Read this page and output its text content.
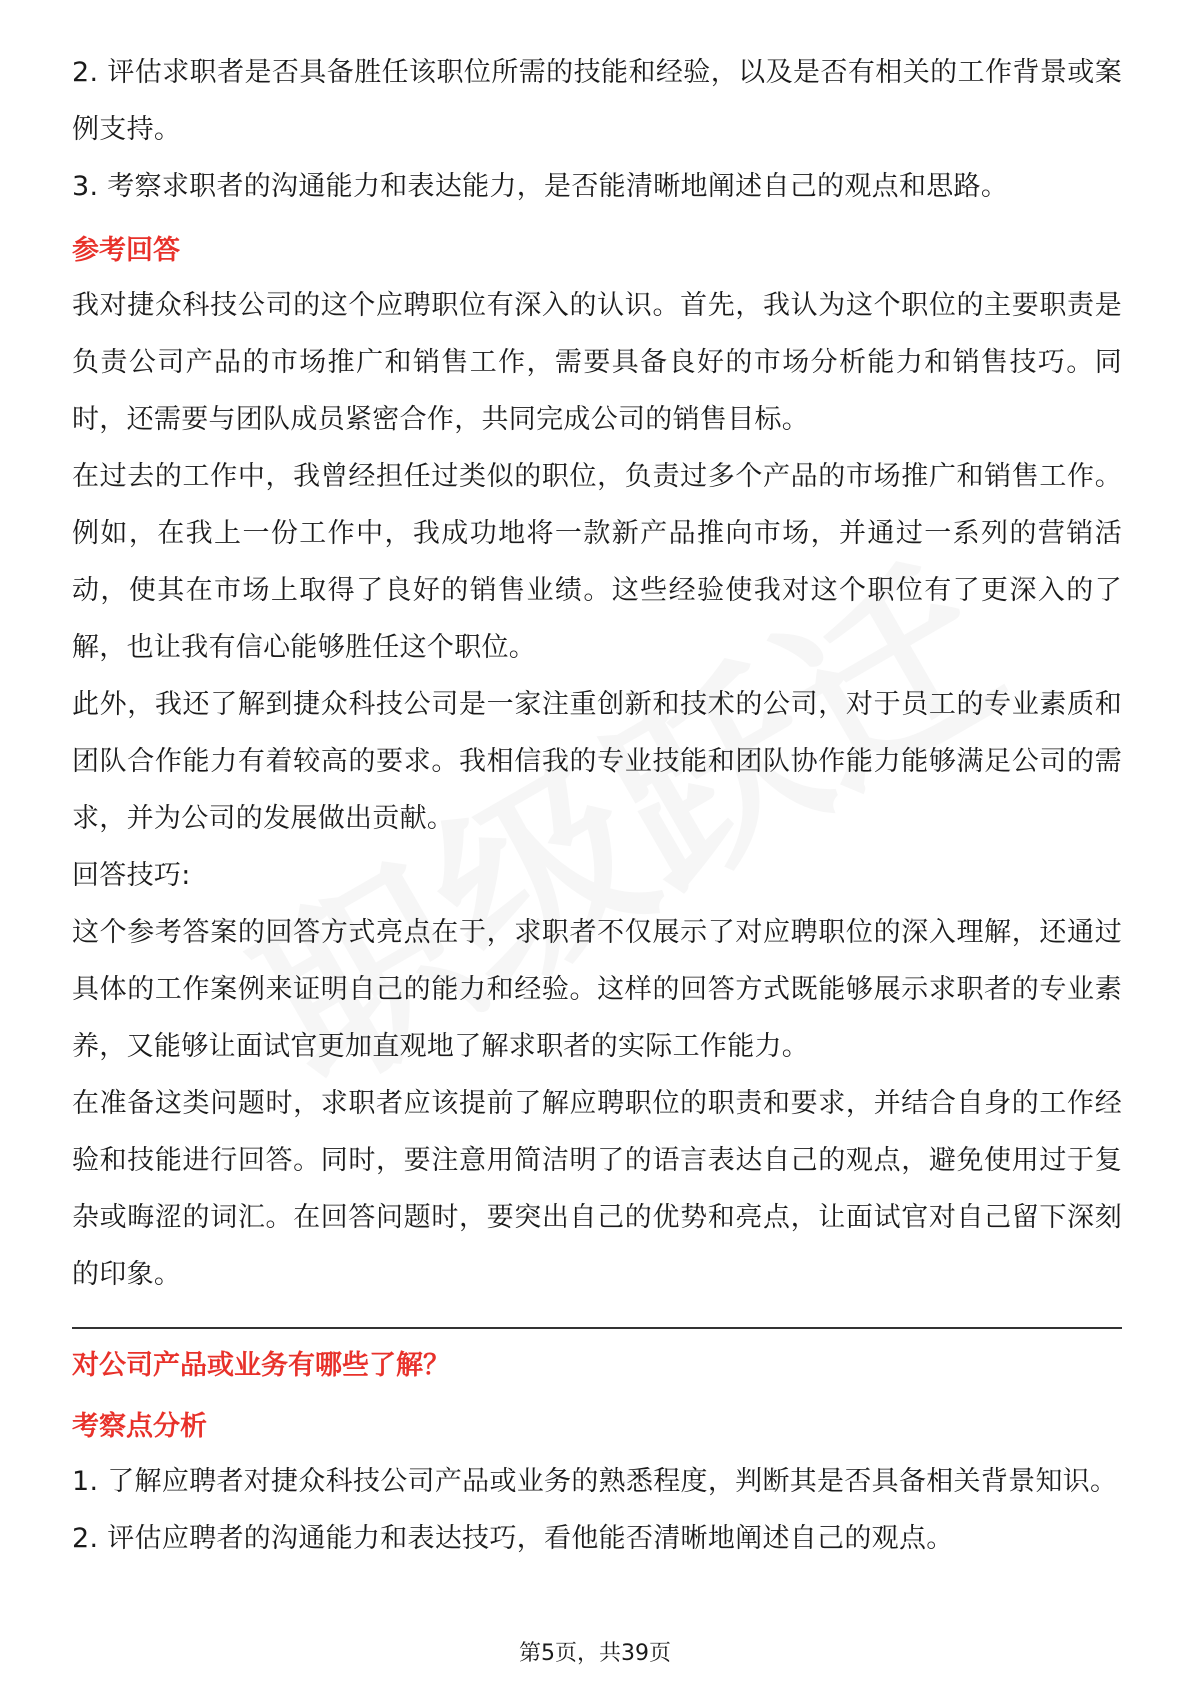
2. 评估求职者是否具备胜任该职位所需的技能和经验，以及是否有相关的工作背景或案例支持。

3. 考察求职者的沟通能力和表达能力，是否能清晰地阐述自己的观点和思路。

参考回答

我对捷众科技公司的这个应聘职位有深入的认识。首先，我认为这个职位的主要职责是负责公司产品的市场推广和销售工作，需要具备良好的市场分析能力和销售技巧。同时，还需要与团队成员紧密合作，共同完成公司的销售目标。

在过去的工作中，我曾经担任过类似的职位，负责过多个产品的市场推广和销售工作。例如，在我上一份工作中，我成功地将一款新产品推向市场，并通过一系列的营销活动，使其在市场上取得了良好的销售业绩。这些经验使我对这个职位有了更深入的了解，也让我有信心能够胜任这个职位。

此外，我还了解到捷众科技公司是一家注重创新和技术的公司，对于员工的专业素质和团队合作能力有着较高的要求。我相信我的专业技能和团队协作能力能够满足公司的需求，并为公司的发展做出贡献。

回答技巧:

这个参考答案的回答方式亮点在于，求职者不仅展示了对应聘职位的深入理解，还通过具体的工作案例来证明自己的能力和经验。这样的回答方式既能够展示求职者的专业素养，又能够让面试官更加直观地了解求职者的实际工作能力。

在准备这类问题时，求职者应该提前了解应聘职位的职责和要求，并结合自身的工作经验和技能进行回答。同时，要注意用简洁明了的语言表达自己的观点，避免使用过于复杂或晦涩的词汇。在回答问题时，要突出自己的优势和亮点，让面试官对自己留下深刻的印象。

对公司产品或业务有哪些了解？
考察点分析

1. 了解应聘者对捷众科技公司产品或业务的熟悉程度，判断其是否具备相关背景知识。

2. 评估应聘者的沟通能力和表达技巧，看他能否清晰地阐述自己的观点。

第5页，共39页
